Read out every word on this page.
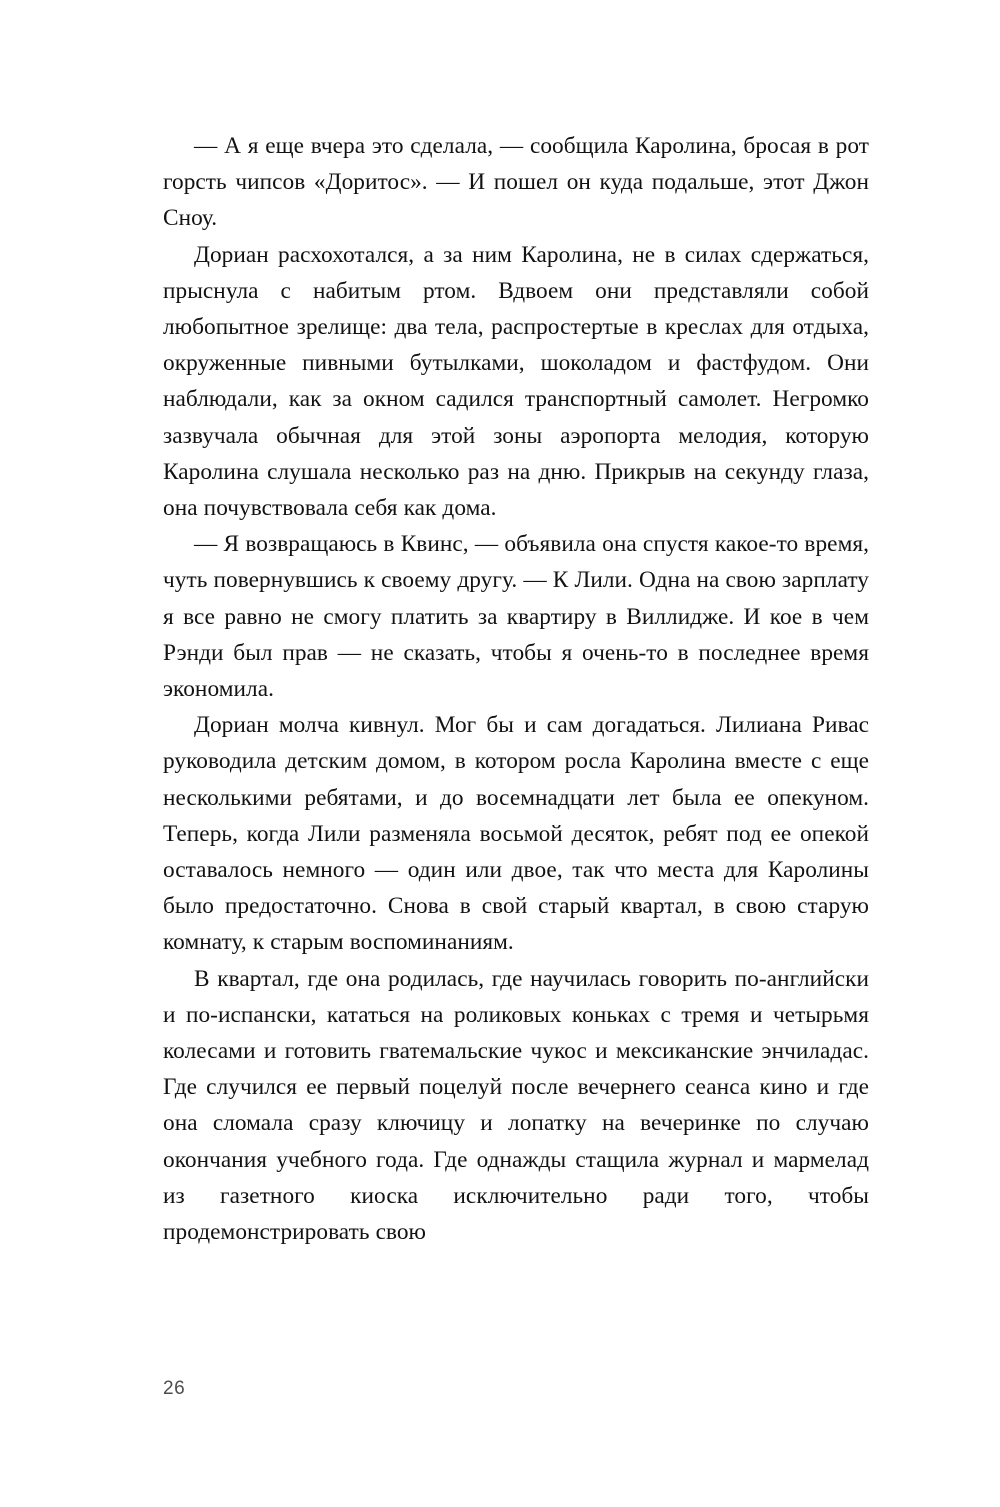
— А я еще вчера это сделала, — сообщила Каролина, бросая в рот горсть чипсов «Доритос». — И пошел он куда подальше, этот Джон Сноу.

Дориан расхохотался, а за ним Каролина, не в силах сдержаться, прыснула с набитым ртом. Вдвоем они представляли собой любопытное зрелище: два тела, распростертые в креслах для отдыха, окруженные пивными бутылками, шоколадом и фастфудом. Они наблюдали, как за окном садился транспортный самолет. Негромко зазвучала обычная для этой зоны аэропорта мелодия, которую Каролина слушала несколько раз на дню. Прикрыв на секунду глаза, она почувствовала себя как дома.

— Я возвращаюсь в Квинс, — объявила она спустя какое-то время, чуть повернувшись к своему другу. — К Лили. Одна на свою зарплату я все равно не смогу платить за квартиру в Виллидже. И кое в чем Рэнди был прав — не сказать, чтобы я очень-то в последнее время экономила.

Дориан молча кивнул. Мог бы и сам догадаться. Лилиана Ривас руководила детским домом, в котором росла Каролина вместе с еще несколькими ребятами, и до восемнадцати лет была ее опекуном. Теперь, когда Лили разменяла восьмой десяток, ребят под ее опекой оставалось немного — один или двое, так что места для Каролины было предостаточно. Снова в свой старый квартал, в свою старую комнату, к старым воспоминаниям.

В квартал, где она родилась, где научилась говорить по-английски и по-испански, кататься на роликовых коньках с тремя и четырьмя колесами и готовить гватемальские чукос и мексиканские энчиладас. Где случился ее первый поцелуй после вечернего сеанса кино и где она сломала сразу ключицу и лопатку на вечеринке по случаю окончания учебного года. Где однажды стащила журнал и мармелад из газетного киоска исключительно ради того, чтобы продемонстрировать свою

26
